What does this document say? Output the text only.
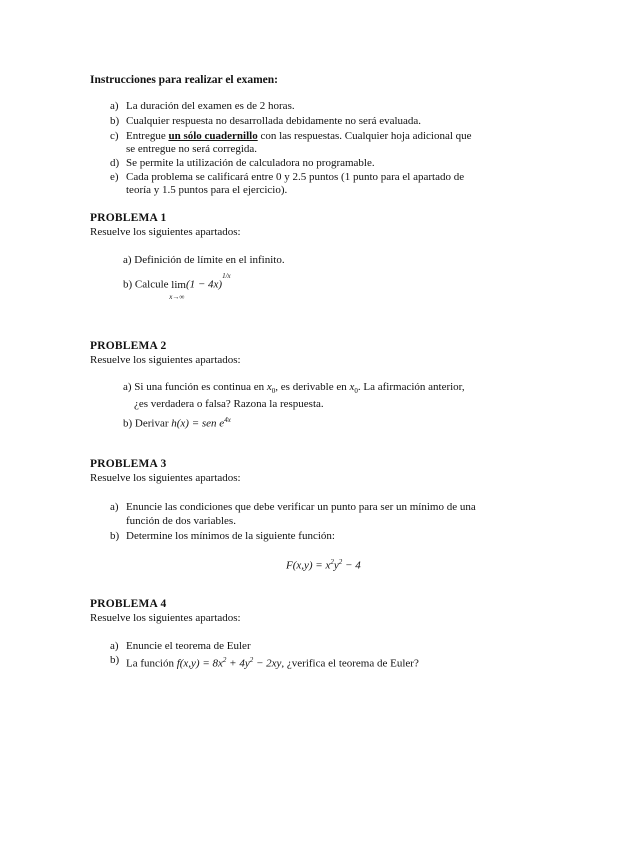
Instrucciones para realizar el examen:
a) La duración del examen es de 2 horas.
b) Cualquier respuesta no desarrollada debidamente no será evaluada.
c) Entregue un sólo cuadernillo con las respuestas. Cualquier hoja adicional que
se entregue no será corregida.
d) Se permite la utilización de calculadora no programable.
e) Cada problema se calificará entre 0 y 2.5 puntos (1 punto para el apartado de
teoría y 1.5 puntos para el ejercicio).
PROBLEMA 1
Resuelve los siguientes apartados:
a) Definición de límite en el infinito.
b) Calcule lim
x→∞
$(1 - 4x)^{1/x}$
PROBLEMA 2
Resuelve los siguientes apartados:
a) Si una función es continua en $x_0$, es derivable en $x_0$. La afirmación anterior,
¿es verdadera o falsa? Razona la respuesta.
b) Derivar h(x) = sen $e^{4x}$
PROBLEMA 3
Resuelve los siguientes apartados:
a) Enuncie las condiciones que debe verificar un punto para ser un mínimo de una
función de dos variables.
b) Determine los mínimos de la siguiente función:
$F(x,y) = x^2y^2 - 4$
PROBLEMA 4
Resuelve los siguientes apartados:
a) Enuncie el teorema de Euler
b) La función $f(x,y) = 8x^2 + 4y^2 - 2xy$, ¿verifica el teorema de Euler?
